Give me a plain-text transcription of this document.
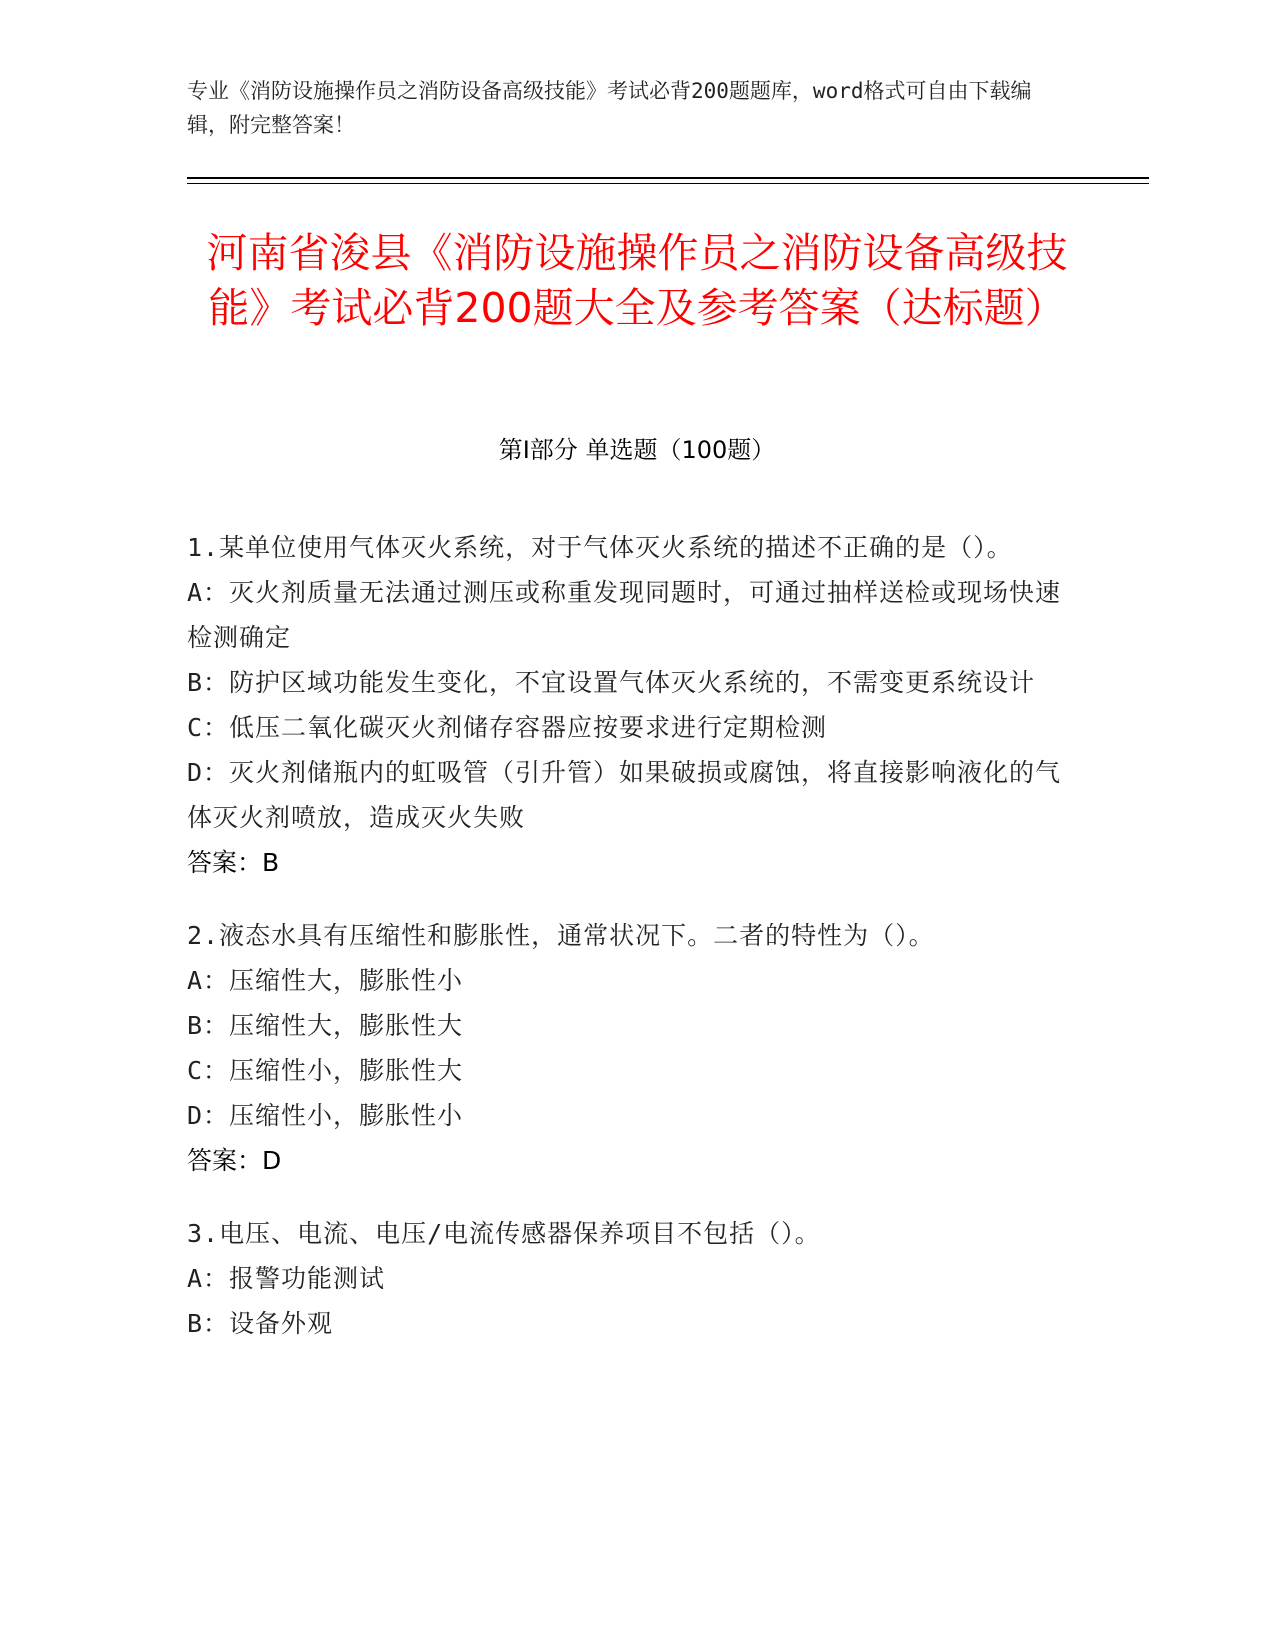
专业《消防设施操作员之消防设备高级技能》考试必背200题题库，word格式可自由下载编辑，附完整答案！
河南省浚县《消防设施操作员之消防设备高级技能》考试必背200题大全及参考答案（达标题）
第Ⅰ部分 单选题（100题）

1.某单位使用气体灭火系统，对于气体灭火系统的描述不正确的是（）。

A：灭火剂质量无法通过测压或称重发现同题时，可通过抽样送检或现场快速检测确定

B：防护区域功能发生变化，不宜设置气体灭火系统的，不需变更系统设计

C：低压二氧化碳灭火剂储存容器应按要求进行定期检测

D：灭火剂储瓶内的虹吸管（引升管）如果破损或腐蚀，将直接影响液化的气体灭火剂喷放，造成灭火失败

答案：B

2.液态水具有压缩性和膨胀性，通常状况下。二者的特性为（）。

A：压缩性大，膨胀性小

B：压缩性大，膨胀性大

C：压缩性小，膨胀性大

D：压缩性小，膨胀性小

答案：D

3.电压、电流、电压/电流传感器保养项目不包括（）。

A：报警功能测试

B：设备外观
